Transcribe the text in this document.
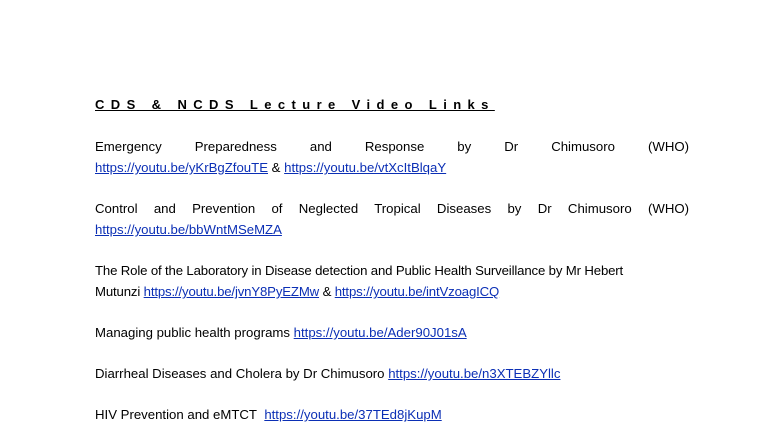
CDS & NCDS Lecture Video Links
Emergency Preparedness and Response by Dr Chimusoro (WHO)
https://youtu.be/yKrBgZfouTE & https://youtu.be/vtXcItBlqaY
Control and Prevention of Neglected Tropical Diseases by Dr Chimusoro (WHO)
https://youtu.be/bbWntMSeMZA
The Role of the Laboratory in Disease detection and Public Health Surveillance by Mr Hebert
Mutunzi https://youtu.be/jvnY8PyEZMw & https://youtu.be/intVzoagICQ
Managing public health programs https://youtu.be/Ader90J01sA
Diarrheal Diseases and Cholera by Dr Chimusoro https://youtu.be/n3XTEBZYllc
HIV Prevention and eMTCT https://youtu.be/37TEd8jKupM
